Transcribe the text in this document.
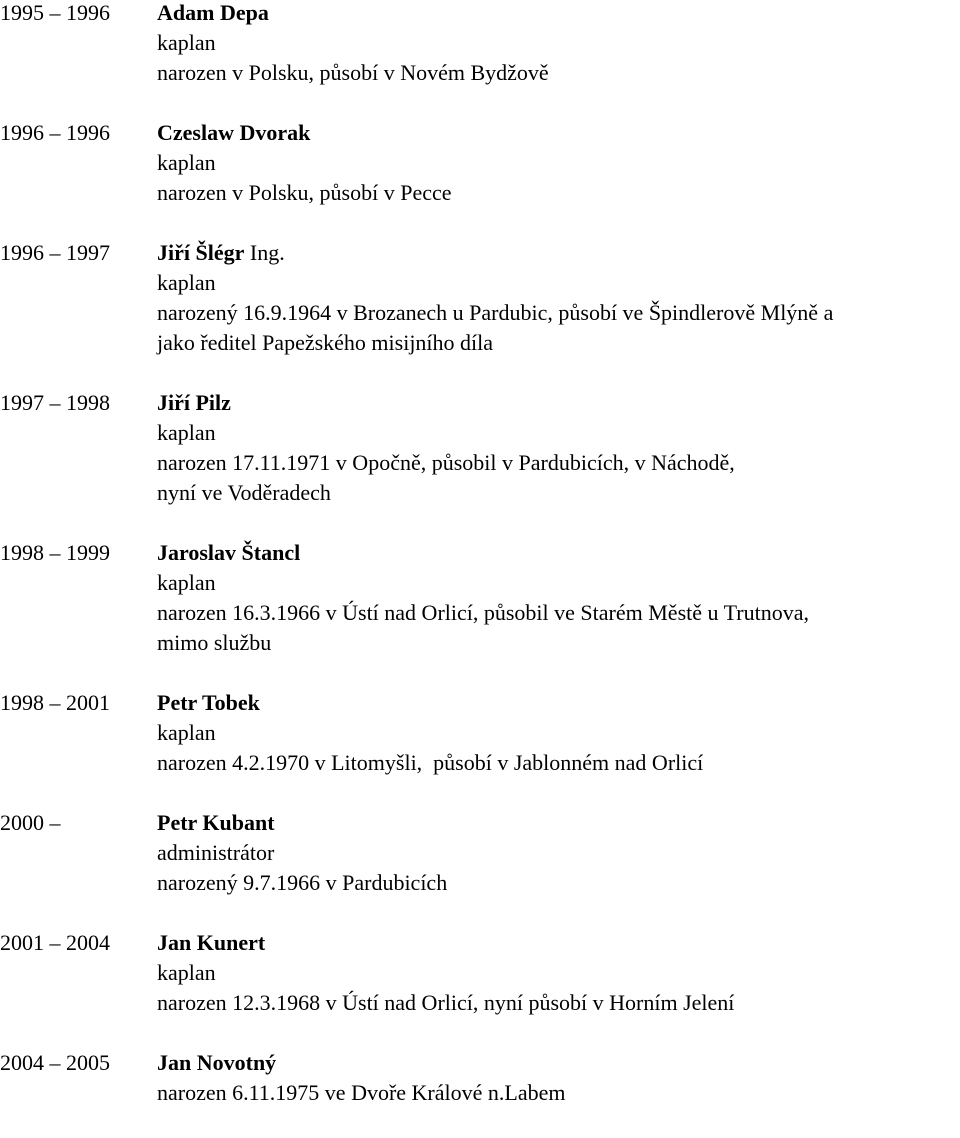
1995 – 1996	Adam Depa
kaplan
narozen v Polsku, působí v Novém Bydžově
1996 – 1996	Czeslaw Dvorak
kaplan
narozen v Polsku, působí v Pecce
1996 – 1997	Jiří Šlégr Ing.
kaplan
narozený 16.9.1964 v Brozanech u Pardubic, působí ve Špindlerově Mlýně a
jako ředitel Papežského misijního díla
1997 – 1998	Jiří Pilz
kaplan
narozen 17.11.1971 v Opočně, působil v Pardubicích, v Náchodě,
nyní ve Voděradech
1998 – 1999	Jaroslav Štancl
kaplan
narozen 16.3.1966 v Ústí nad Orlicí, působil ve Starém Městě u Trutnova,
mimo službu
1998 – 2001	Petr Tobek
kaplan
narozen 4.2.1970 v Litomyšli,  působí v Jablonném nad Orlicí
2000 –	Petr Kubant
administrátor
narozený 9.7.1966 v Pardubicích
2001 – 2004	Jan Kunert
kaplan
narozen 12.3.1968 v Ústí nad Orlicí, nyní působí v Horním Jelení
2004 – 2005	Jan Novotný
narozen 6.11.1975 ve Dvoře Králové n.Labem
